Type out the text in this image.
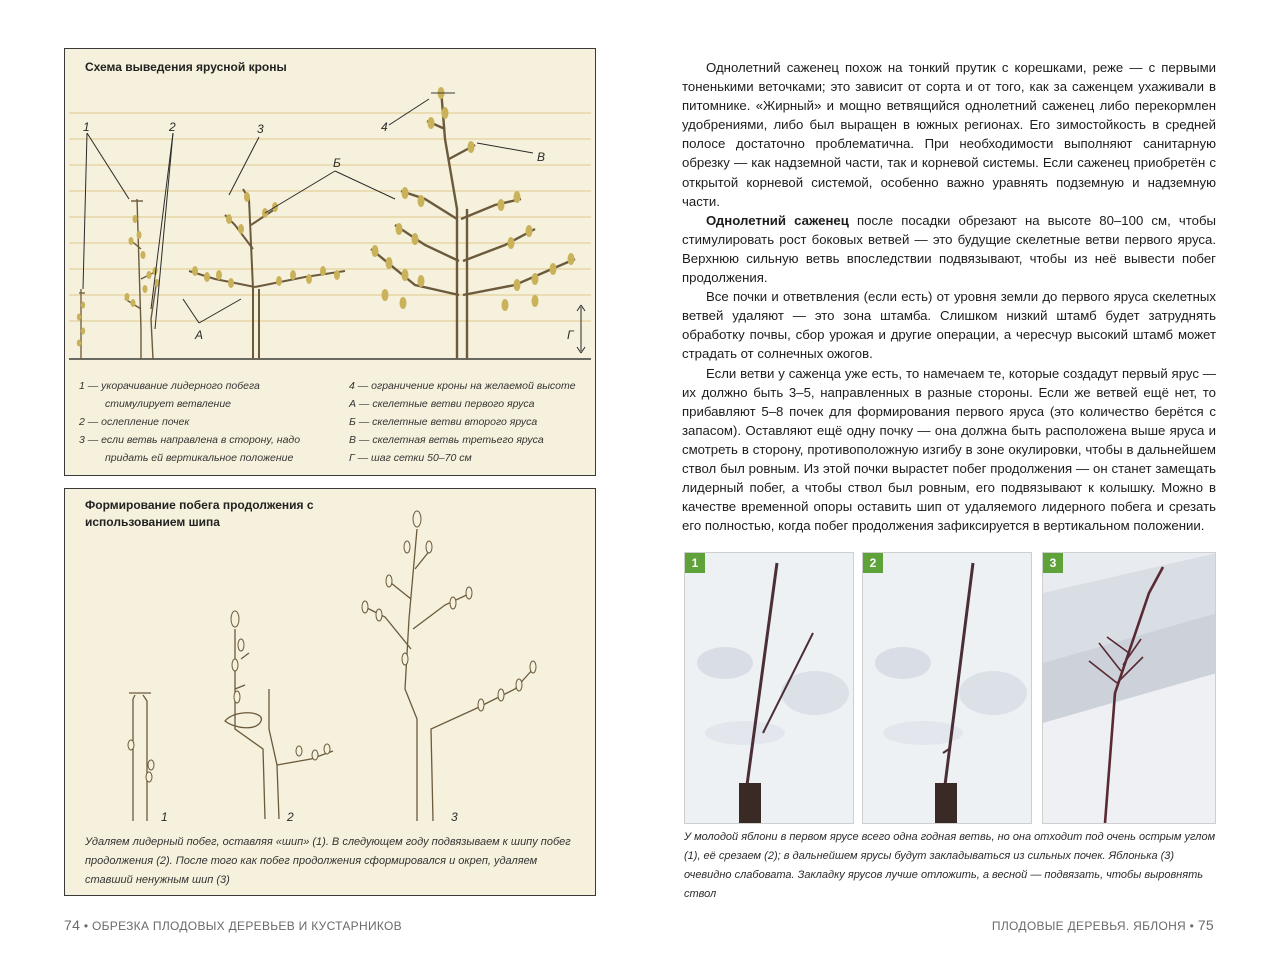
Схема выведения ярусной кроны
1	2	3	4
А
Б	В
Г
1 — укорачивание лидерного побега
стимулирует ветвление
2 — ослепление почек
3 — если ветвь направлена в сторону, надо
придать ей вертикальное положение
4 — ограничение кроны на желаемой высоте
А — скелетные ветви первого яруса
Б — скелетные ветви второго яруса
В — скелетная ветвь третьего яруса
Г — шаг сетки 50–70 см
Формирование побега продолжения с использованием шипа
1	2	3
Удаляем лидерный побег, оставляя «шип» (1). В следующем году подвязываем к шипу побег продолжения (2). После того как побег продолжения сформировался и окреп, удаляем ставший ненужным шип (3)
74 • ОБРЕЗКА ПЛОДОВЫХ ДЕРЕВЬЕВ И КУСТАРНИКОВ

Однолетний саженец похож на тонкий прутик с корешками, реже — с первыми тоненькими веточками; это зависит от сорта и от того, как за саженцем ухаживали в питомнике. «Жирный» и мощно ветвящийся однолетний саженец либо перекормлен удобрениями, либо был выращен в южных регионах. Его зимостойкость в средней полосе достаточно проблематична. При необходимости выполняют санитарную обрезку — как надземной части, так и корневой системы. Если саженец приобретён с открытой корневой системой, особенно важно уравнять подземную и надземную части.

Однолетний саженец после посадки обрезают на высоте 80–100 см, чтобы стимулировать рост боковых ветвей — это будущие скелетные ветви первого яруса. Верхнюю сильную ветвь впоследствии подвязывают, чтобы из неё вывести побег продолжения.

Все почки и ответвления (если есть) от уровня земли до первого яруса скелетных ветвей удаляют — это зона штамба. Слишком низкий штамб будет затруднять обработку почвы, сбор урожая и другие операции, а чересчур высокий штамб может страдать от солнечных ожогов.

Если ветви у саженца уже есть, то намечаем те, которые создадут первый ярус — их должно быть 3–5, направленных в разные стороны. Если же ветвей ещё нет, то прибавляют 5–8 почек для формирования первого яруса (это количество берётся с запасом). Оставляют ещё одну почку — она должна быть расположена выше яруса и смотреть в сторону, противоположную изгибу в зоне окулировки, чтобы в дальнейшем ствол был ровным. Из этой почки вырастет побег продолжения — он станет замещать лидерный побег, а чтобы ствол был ровным, его подвязывают к колышку. Можно в качестве временной опоры оставить шип от удаляемого лидерного побега и срезать его полностью, когда побег продолжения зафиксируется в вертикальном положении.

1	2	3
У молодой яблони в первом ярусе всего одна годная ветвь, но она отходит под очень острым углом (1), её срезаем (2); в дальнейшем ярусы будут закладываться из сильных почек. Яблонька (3) очевидно слабовата. Закладку ярусов лучше отложить, а весной — подвязать, чтобы выровнять ствол
ПЛОДОВЫЕ ДЕРЕВЬЯ. ЯБЛОНЯ • 75
